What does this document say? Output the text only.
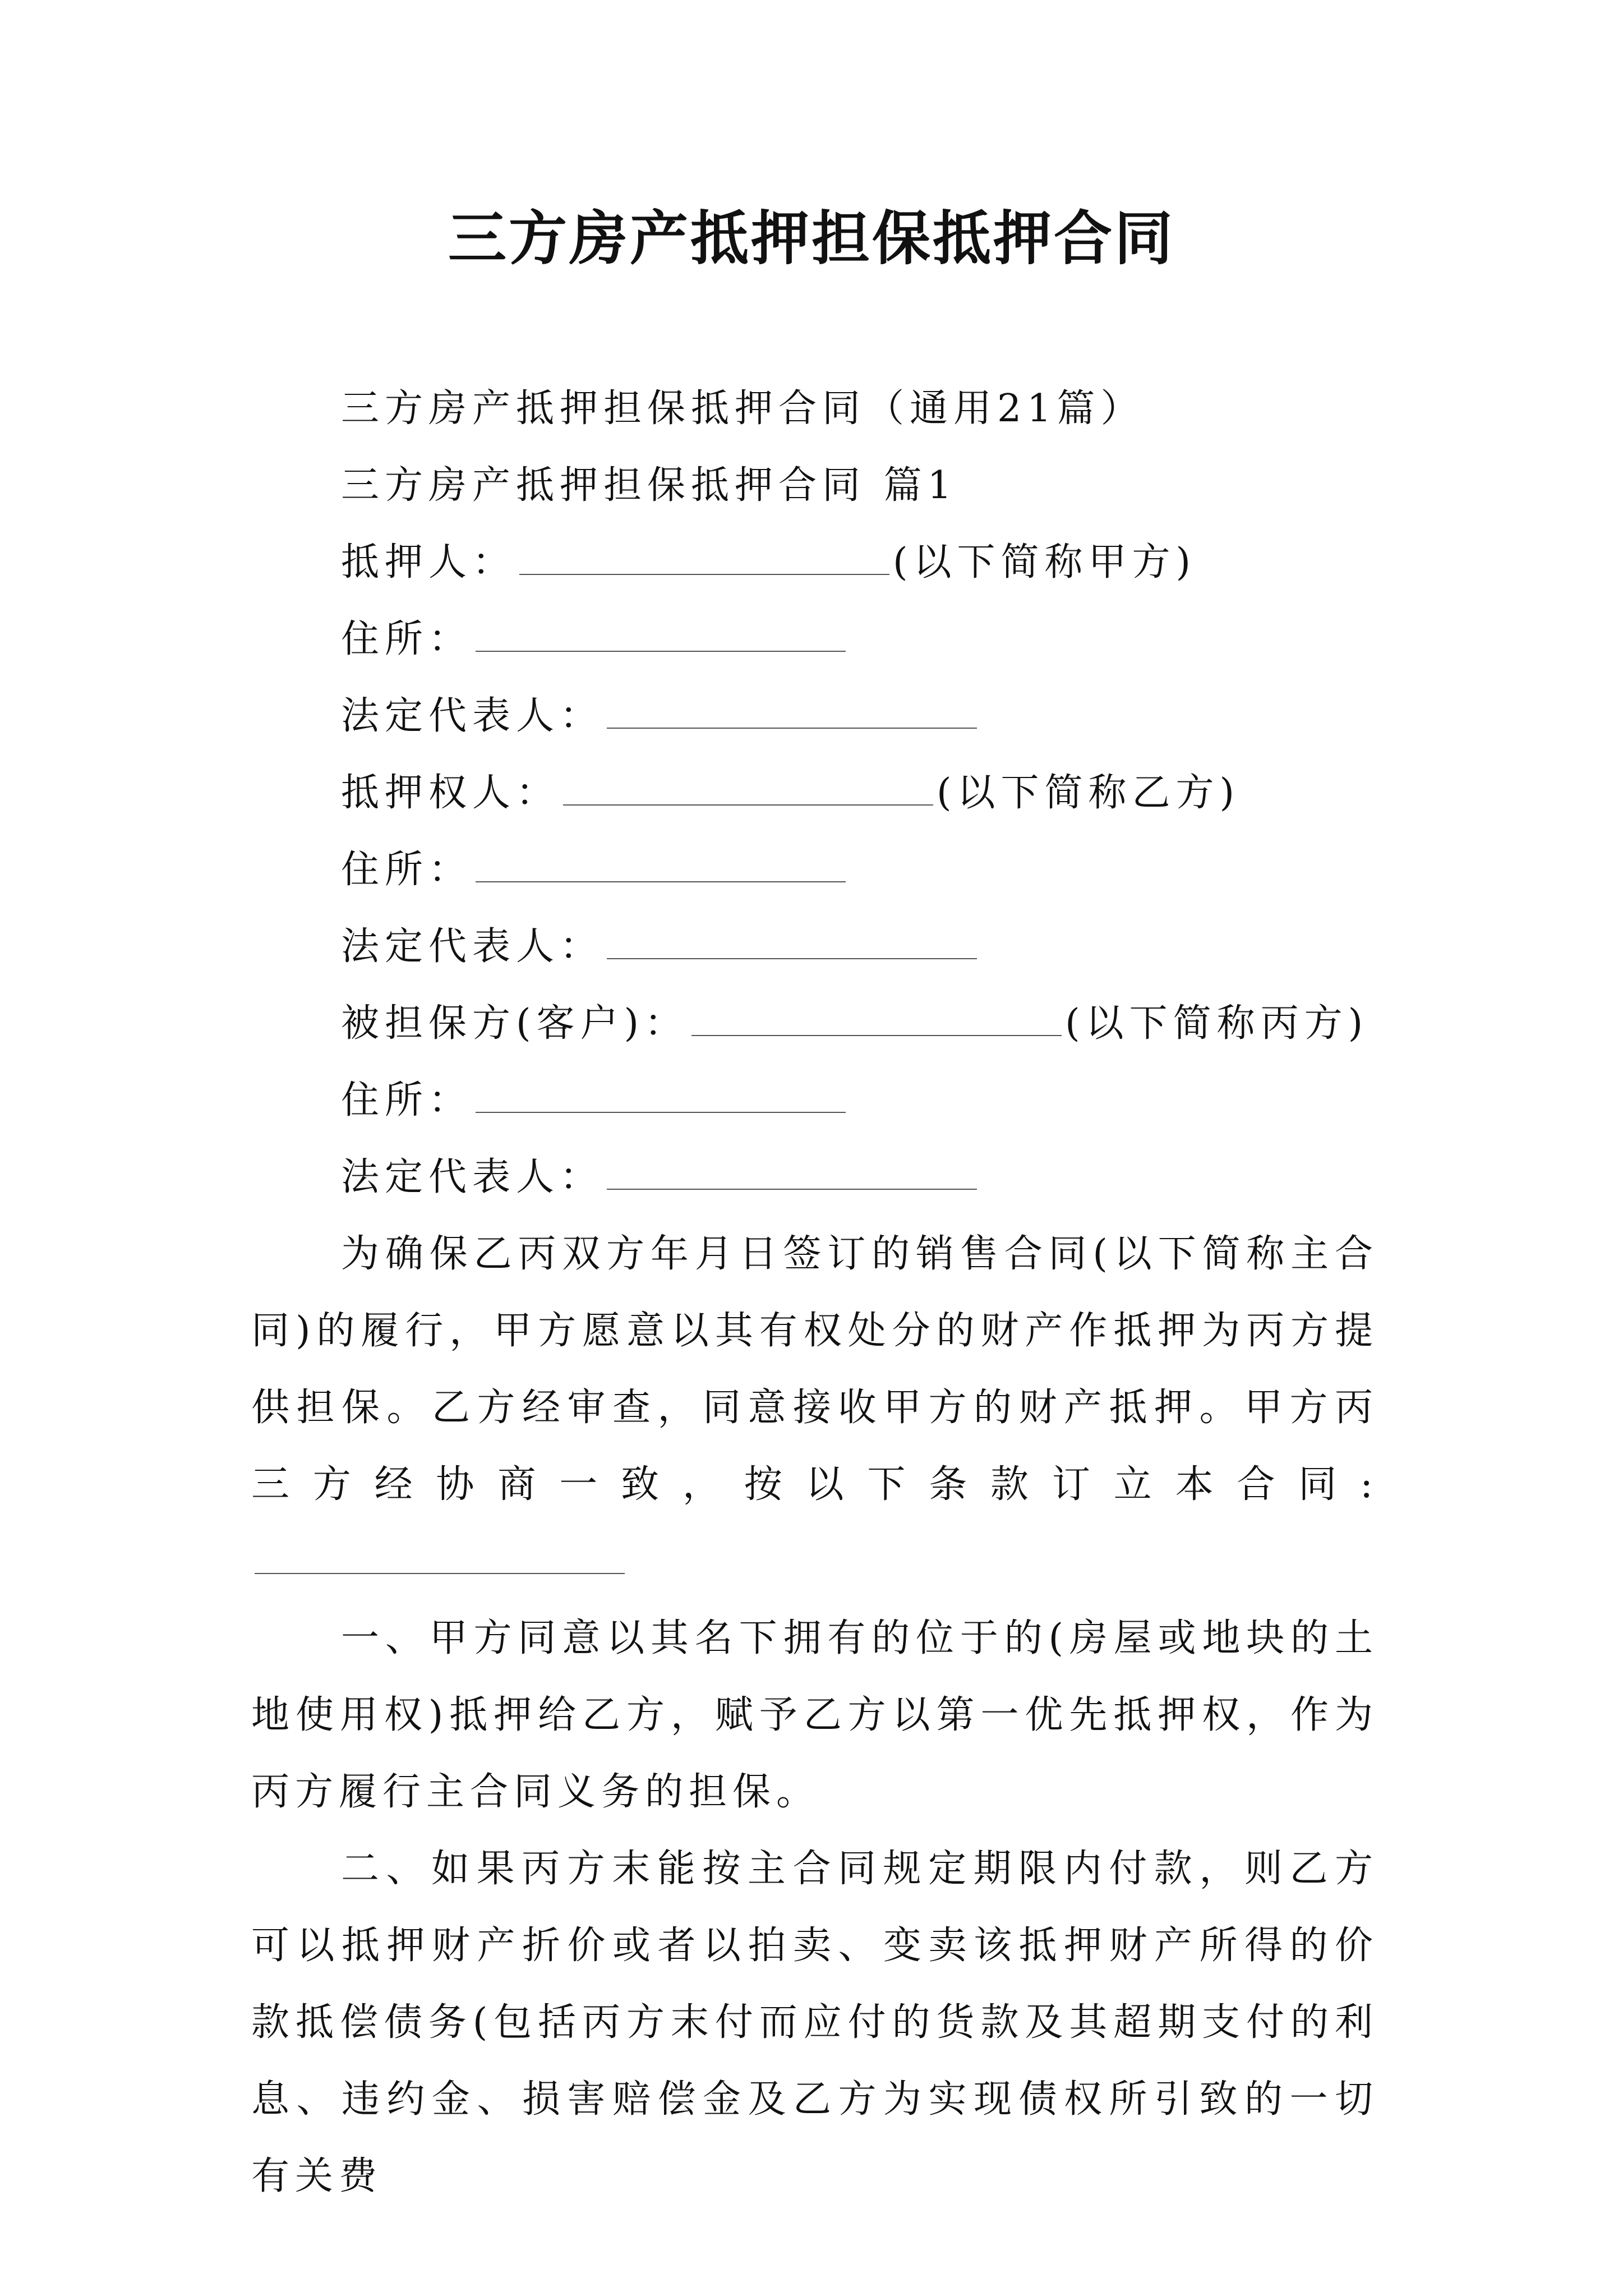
三方房产抵押担保抵押合同
三方房产抵押担保抵押合同（通用21篇）
三方房产抵押担保抵押合同 篇1
抵押人：	(以下简称甲方)
住所：
法定代表人：
抵押权人：	(以下简称乙方)
住所：
法定代表人：
被担保方(客户)：	(以下简称丙方)
住所：
法定代表人：

为确保乙丙双方年月日签订的销售合同(以下简称主合同)的履行，甲方愿意以其有权处分的财产作抵押为丙方提供担保。乙方经审查，同意接收甲方的财产抵押。甲方丙三方经协商一致，按以下条款订立本合同:

一、甲方同意以其名下拥有的位于的(房屋或地块的土地使用权)抵押给乙方，赋予乙方以第一优先抵押权，作为丙方履行主合同义务的担保。

二、如果丙方末能按主合同规定期限内付款，则乙方可以抵押财产折价或者以拍卖、变卖该抵押财产所得的价款抵偿债务(包括丙方末付而应付的货款及其超期支付的利息、违约金、损害赔偿金及乙方为实现债权所引致的一切有关费
